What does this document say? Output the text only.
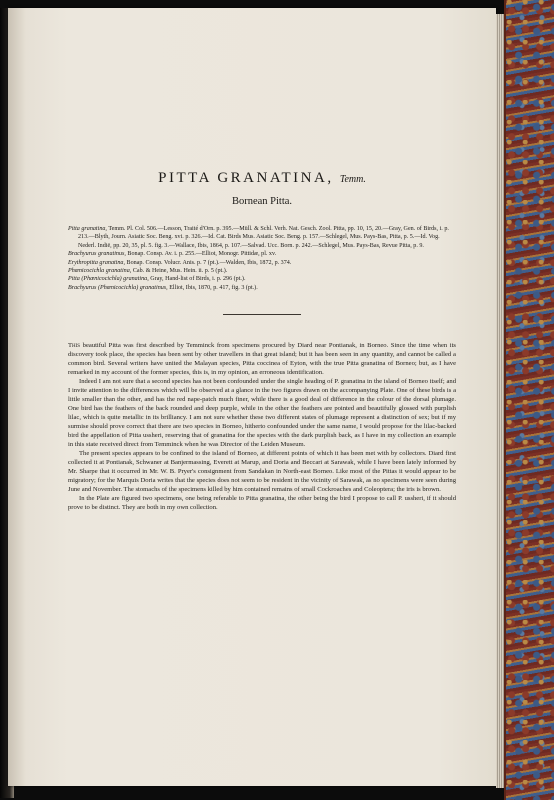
PITTA GRANATINA, Temm.
Bornean Pitta.

Pitta granatina, Temm. Pl. Col. 506.—Lesson, Traité d'Orn. p. 395.—Müll. & Schl. Verh. Nat. Gesch. Zool. Pitta, pp. 10, 15, 20.—Gray, Gen. of Birds, i. p. 213.—Blyth, Journ. Asiatic Soc. Beng. xvi. p. 326.—Id. Cat. Birds Mus. Asiatic Soc. Beng. p. 157.—Schlegel, Mus. Pays-Bas, Pitta, p. 5.—Id. Vog. Nederl. Indië, pp. 20, 35, pl. 5. fig. 3.—Wallace, Ibis, 1864, p. 107.—Salvad. Ucc. Born. p. 242.—Schlegel, Mus. Pays-Bas, Revue Pitta, p. 9.

Brachyurus granatinus, Bonap. Consp. Av. i. p. 255.—Elliot, Monogr. Pittidæ, pl. xv.

Erythropitta granatina, Bonap. Consp. Volucr. Anis. p. 7 (pt.).—Walden, Ibis, 1872, p. 374.

Phœnicocichla granatina, Cab. & Heine, Mus. Hein. ii. p. 5 (pt.).

Pitta (Phœnicocichla) granatina, Gray, Hand-list of Birds, i. p. 296 (pt.).

Brachyurus (Phœnicocichla) granatinus, Elliot, Ibis, 1870, p. 417, fig. 3 (pt.).

This beautiful Pitta was first described by Temminck from specimens procured by Diard near Pontianak, in Borneo. Since the time when its discovery took place, the species has been sent by other travellers in that great island; but it has been seen in any quantity, and cannot be called a common bird. Several writers have united the Malayan species, Pitta coccinea of Eyton, with the true Pitta granatina of Borneo; but, as I have remarked in my account of the former species, this is, in my opinion, an erroneous identification.

Indeed I am not sure that a second species has not been confounded under the single heading of P. granatina in the island of Borneo itself; and I invite attention to the differences which will be observed at a glance in the two figures drawn on the accompanying Plate. One of these birds is a little smaller than the other, and has the red nape-patch much finer, while there is a good deal of difference in the colour of the dorsal plumage. One bird has the feathers of the back rounded and deep purple, while in the other the feathers are pointed and beautifully glossed with purplish lilac, which is quite metallic in its brilliancy. I am not sure whether these two different states of plumage represent a distinction of sex; but if my surmise should prove correct that there are two species in Borneo, hitherto confounded under the same name, I would propose for the lilac-backed bird the appellation of Pitta ussheri, reserving that of granatina for the species with the dark purplish back, as I have in my collection an example in this state received direct from Temminck when he was Director of the Leiden Museum.

The present species appears to be confined to the island of Borneo, at different points of which it has been met with by collectors. Diard first collected it at Pontianak, Schwaner at Banjermassing, Everett at Marup, and Doria and Beccari at Sarawak, while I have been lately informed by Mr. Sharpe that it occurred in Mr. W. B. Pryer's consignment from Sandakan in North-east Borneo. Like most of the Pittas it would appear to be migratory; for the Marquis Doria writes that the species does not seem to be resident in the vicinity of Sarawak, as no specimens were seen during June and November. The stomachs of the specimens killed by him contained remains of small Cockroaches and Coleoptera; the iris is brown.

In the Plate are figured two specimens, one being referable to Pitta granatina, the other being the bird I propose to call P. ussheri, if it should prove to be distinct. They are both in my own collection.
